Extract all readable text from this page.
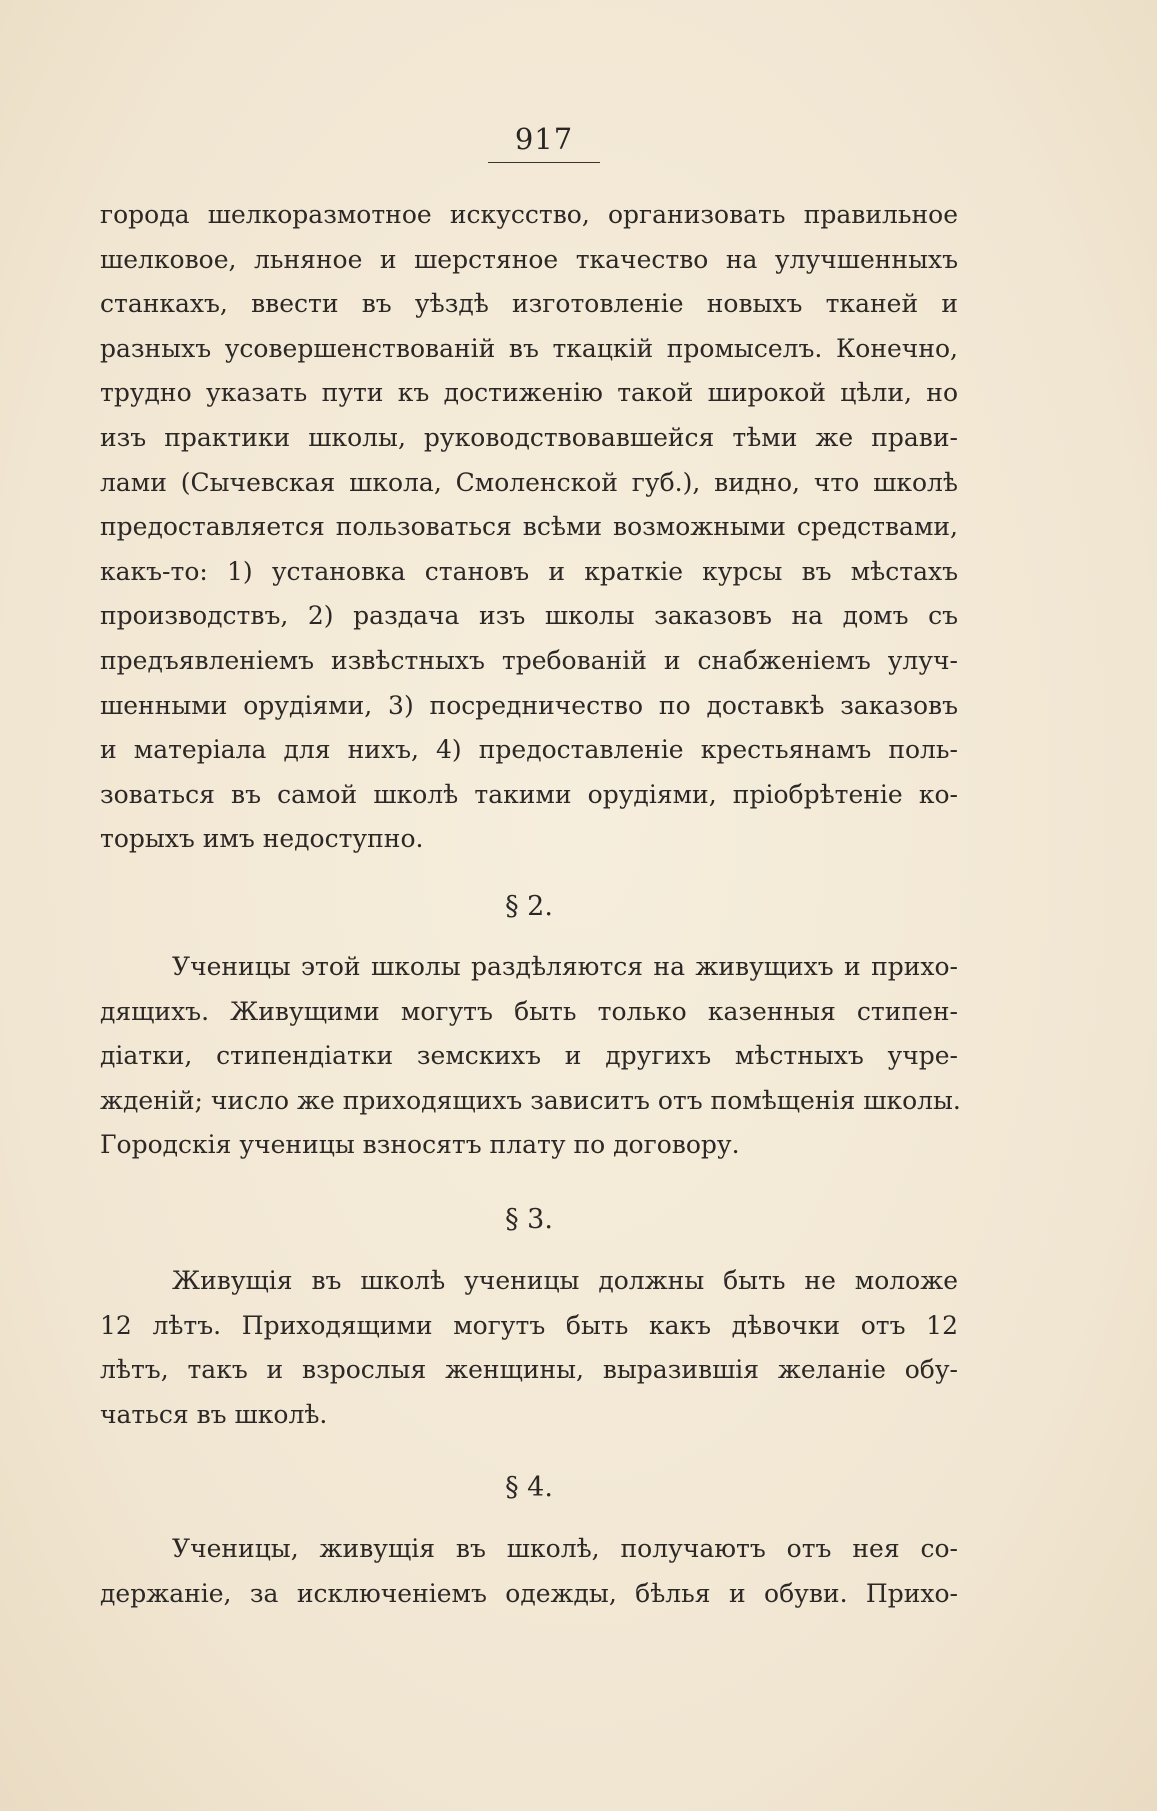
917
города шелкоразмотное искусство, организовать правильное
шелковое, льняное и шерстяное ткачество на улучшенныхъ
станкахъ, ввести въ уѣздѣ изготовленіе новыхъ тканей и
разныхъ усовершенствованій въ ткацкій промыселъ. Конечно,
трудно указать пути къ достиженію такой широкой цѣли, но
изъ практики школы, руководствовавшейся тѣми же прави-
лами (Сычевская школа, Смоленской губ.), видно, что школѣ
предоставляется пользоваться всѣми возможными средствами,
какъ-то: 1) установка становъ и краткіе курсы въ мѣстахъ
производствъ, 2) раздача изъ школы заказовъ на домъ съ
предъявленіемъ извѣстныхъ требованій и снабженіемъ улуч-
шенными орудіями, 3) посредничество по доставкѣ заказовъ
и матеріала для нихъ, 4) предоставленіе крестьянамъ поль-
зоваться въ самой школѣ такими орудіями, пріобрѣтеніе ко-
торыхъ имъ недоступно.
§ 2.
Ученицы этой школы раздѣляются на живущихъ и прихо-
дящихъ. Живущими могутъ быть только казенныя стипен-
діатки, стипендіатки земскихъ и другихъ мѣстныхъ учре-
жденій; число же приходящихъ зависитъ отъ помѣщенія школы.
Городскія ученицы взносятъ плату по договору.
§ 3.
Живущія въ школѣ ученицы должны быть не моложе
12 лѣтъ. Приходящими могутъ быть какъ дѣвочки отъ 12
лѣтъ, такъ и взрослыя женщины, выразившія желаніе обу-
чаться въ школѣ.
§ 4.
Ученицы, живущія въ школѣ, получаютъ отъ нея со-
держаніе, за исключеніемъ одежды, бѣлья и обуви. Прихо-
